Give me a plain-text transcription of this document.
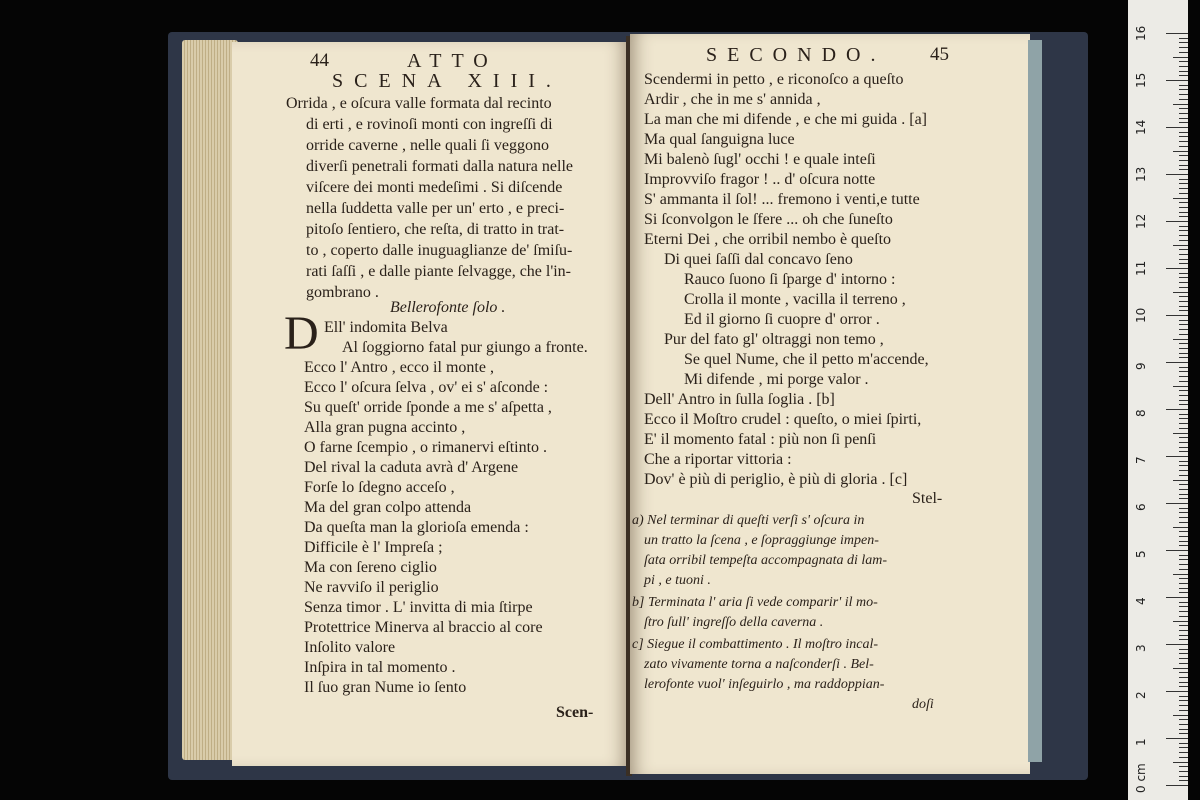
44	ATTO
SCENA XIII.
Orrida , e oſcura valle formata dal recinto
di erti , e rovinoſi monti con ingreſſi di
orride caverne , nelle quali ſi veggono
diverſi penetrali formati dalla natura nelle
viſcere dei monti medeſimi . Si diſcende
nella ſuddetta valle per un' erto , e preci-
pitoſo ſentiero, che reſta, di tratto in trat-
to , coperto dalle inuguaglianze de' ſmiſu-
rati ſaſſi , e dalle piante ſelvagge, che l'in-
gombrano .
Bellerofonte ſolo .
D Ell' indomita Belva
Al ſoggiorno fatal pur giungo a fronte.
Ecco l' Antro , ecco il monte ,
Ecco l' oſcura ſelva , ov' ei s' aſconde :
Su queſt' orride ſponde a me s' aſpetta ,
Alla gran pugna accinto ,
O farne ſcempio , o rimanervi eſtinto .
Del rival la caduta avrà d' Argene
Forſe lo ſdegno acceſo ,
Ma del gran colpo attenda
Da queſta man la glorioſa emenda :
Difficile è l' Impreſa ;
Ma con ſereno ciglio
Ne ravviſo il periglio
Senza timor . L' invitta di mia ſtirpe
Protettrice Minerva al braccio al core
Inſolito valore
Inſpira in tal momento .
Il ſuo gran Nume io ſento
Scen-
SECONDO. 45
Scendermi in petto , e riconoſco a queſto
Ardir , che in me s' annida ,
La man che mi difende , e che mi guida . [a]
Ma qual ſanguigna luce
Mi balenò ſugl' occhi ! e quale inteſi
Improvviſo fragor ! .. d' oſcura notte
S' ammanta il ſol! ... fremono i venti,e tutte
Si ſconvolgon le ſfere ... oh che ſuneſto
Eterni Dei , che orribil nembo è queſto
Di quei ſaſſi dal concavo ſeno
Rauco ſuono ſi ſparge d' intorno :
Crolla il monte , vacilla il terreno ,
Ed il giorno ſi cuopre d' orror .
Pur del fato gl' oltraggi non temo ,
Se quel Nume, che il petto m'accende,
Mi difende , mi porge valor .
Dell' Antro in ſulla ſoglia . [b]
Ecco il Moſtro crudel : queſto, o miei ſpirti,
E' il momento fatal : più non ſi penſi
Che a riportar vittoria :
Dov' è più di periglio, è più di gloria . [c]
Stel-
a) Nel terminar di queſti verſi s' oſcura in
un tratto la ſcena , e ſopraggiunge impen-
ſata orribil tempeſta accompagnata di lam-
pi , e tuoni .
b] Terminata l' aria ſi vede comparir' il mo-
ſtro ſull' ingreſſo della caverna .
c] Siegue il combattimento . Il moſtro incal-
zato vivamente torna a naſconderſi . Bel-
lerofonte vuol' inſeguirlo , ma raddoppian-
doſi
0 cm
1
2
3
4
5
6
7
8
9
10
11
12
13
14
15
16
